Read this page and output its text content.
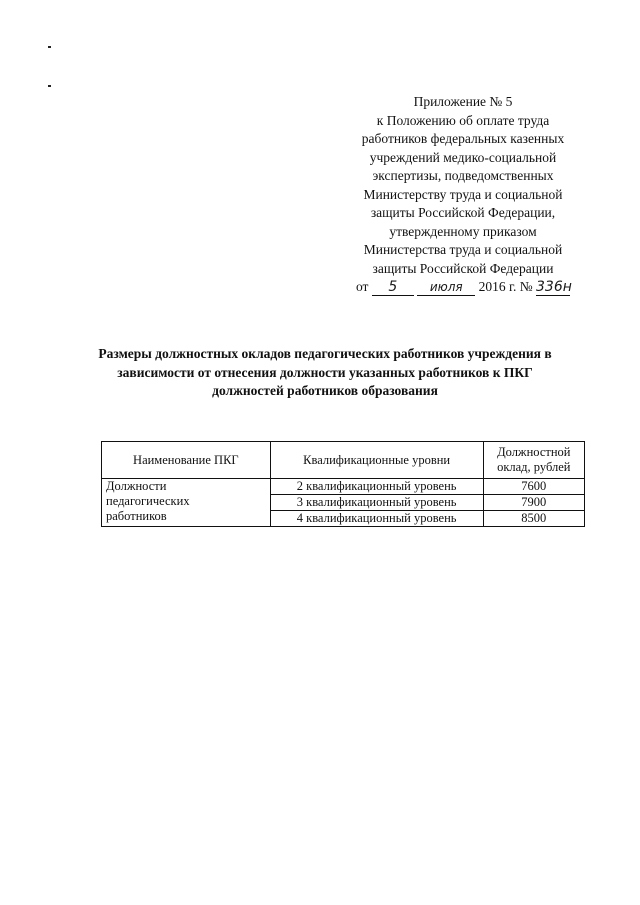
Приложение № 5
к Положению об оплате труда
работников федеральных казенных
учреждений медико-социальной
экспертизы, подведомственных
Министерству труда и социальной
защиты Российской Федерации,
утвержденному приказом
Министерства труда и социальной
защиты Российской Федерации
от 5	июля 2016 г. № 336н
Размеры должностных окладов педагогических работников учреждения в
зависимости от отнесения должности указанных работников к ПКГ
должностей работников образования
Наименование ПКГ	Квалификационные уровни	Должностной
оклад, рублей
Должности
педагогических
работников	2 квалификационный уровень	7600
	3 квалификационный уровень	7900
	4 квалификационный уровень	8500
